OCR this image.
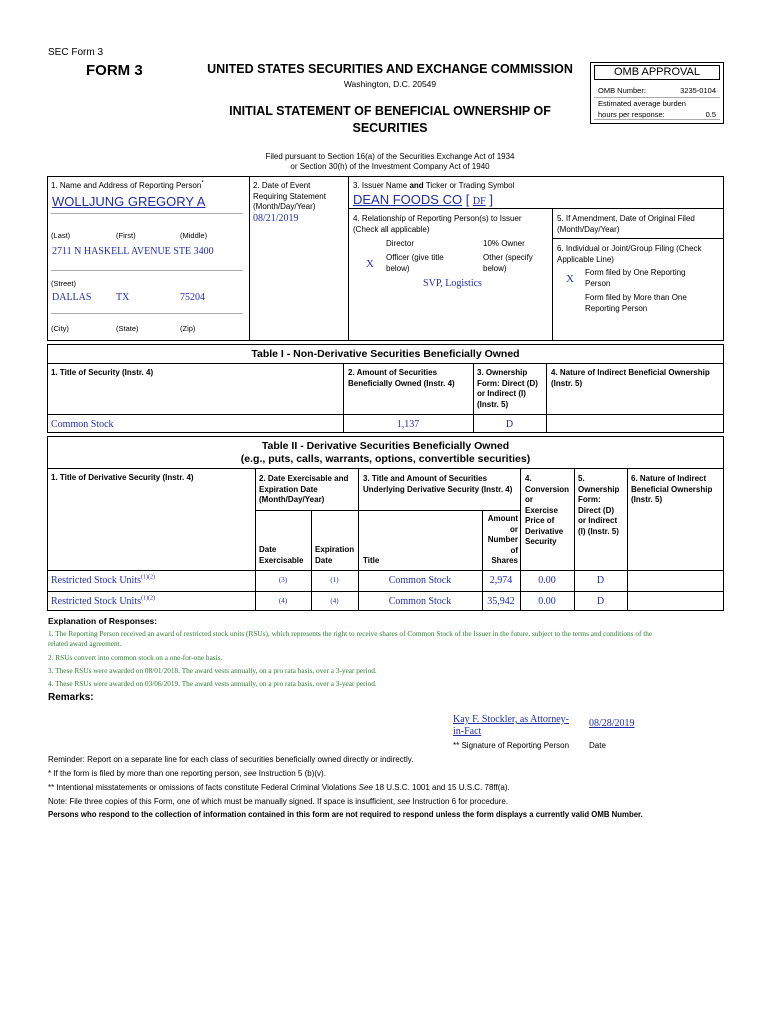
SEC Form 3
FORM 3	UNITED STATES SECURITIES AND EXCHANGE COMMISSION
Washington, D.C. 20549
INITIAL STATEMENT OF BENEFICIAL OWNERSHIP OF
SECURITIES
Filed pursuant to Section 16(a) of the Securities Exchange Act of 1934
or Section 30(h) of the Investment Company Act of 1940
OMB APPROVAL
OMB Number:	3235-0104
Estimated average burden
hours per response:	0.5
1. Name and Address of Reporting Person*
WOLLJUNG GREGORY A
(Last)	(First)	(Middle)
2711 N HASKELL AVENUE STE 3400
(Street)
DALLAS TX	75204
(City)	(State)	(Zip)
2. Date of Event
Requiring Statement
(Month/Day/Year)
08/21/2019
3. Issuer Name and Ticker or Trading Symbol
DEAN FOODS CO [ DF ]
4. Relationship of Reporting Person(s) to Issuer
(Check all applicable)
Director	10% Owner
X
Officer (give title
below)
Other (specify
below)
SVP, Logistics
5. If Amendment, Date of Original Filed
(Month/Day/Year)
6. Individual or Joint/Group Filing (Check
Applicable Line)
X
Form filed by One Reporting
Person
Form filed by More than One
Reporting Person
Table I - Non-Derivative Securities Beneficially Owned
1. Title of Security (Instr. 4)	2. Amount of Securities
Beneficially Owned (Instr. 4)
3. Ownership
Form: Direct (D)
or Indirect (I)
(Instr. 5)
4. Nature of Indirect Beneficial Ownership
(Instr. 5)
Common Stock	1,137	D
Table II - Derivative Securities Beneficially Owned
(e.g., puts, calls, warrants, options, convertible securities)
1. Title of Derivative Security (Instr. 4)	2. Date Exercisable and
Expiration Date
(Month/Day/Year)
Date
Exercisable
Expiration
Date
3. Title and Amount of Securities
Underlying Derivative Security (Instr. 4)
Title
Amount
or
Number
of
Shares
4.
Conversion
or
Exercise
Price of
Derivative
Security
5.
Ownership
Form:
Direct (D)
or Indirect
(I) (Instr. 5)
6. Nature of Indirect
Beneficial Ownership
(Instr. 5)
Restricted Stock Units$^{(1)(2)}$	(3)	(1)	Common Stock	2,974	0.00	D
Restricted Stock Units$^{(1)(2)}$	(4)	(4)	Common Stock	35,942	0.00	D
Explanation of Responses:
1. The Reporting Person received an award of restricted stock units (RSUs), which represents the right to receive shares of Common Stock of the Issuer in the future, subject to the terms and conditions of the
related award agreement.
2. RSUs convert into common stock on a one-for-one basis.
3. These RSUs were awarded on 08/01/2018. The award vests annually, on a pro rata basis, over a 3-year period.
4. These RSUs were awarded on 03/06/2019. The award vests annually, on a pro rata basis, over a 3-year period.
Remarks:
Kay F. Stockler, as Attorney-
in-Fact
08/28/2019
** Signature of Reporting Person Date
Reminder: Report on a separate line for each class of securities beneficially owned directly or indirectly.
* If the form is filed by more than one reporting person, see Instruction 5 (b)(v).
** Intentional misstatements or omissions of facts constitute Federal Criminal Violations See 18 U.S.C. 1001 and 15 U.S.C. 78ff(a).
Note: File three copies of this Form, one of which must be manually signed. If space is insufficient, see Instruction 6 for procedure.
Persons who respond to the collection of information contained in this form are not required to respond unless the form displays a currently valid OMB Number.
